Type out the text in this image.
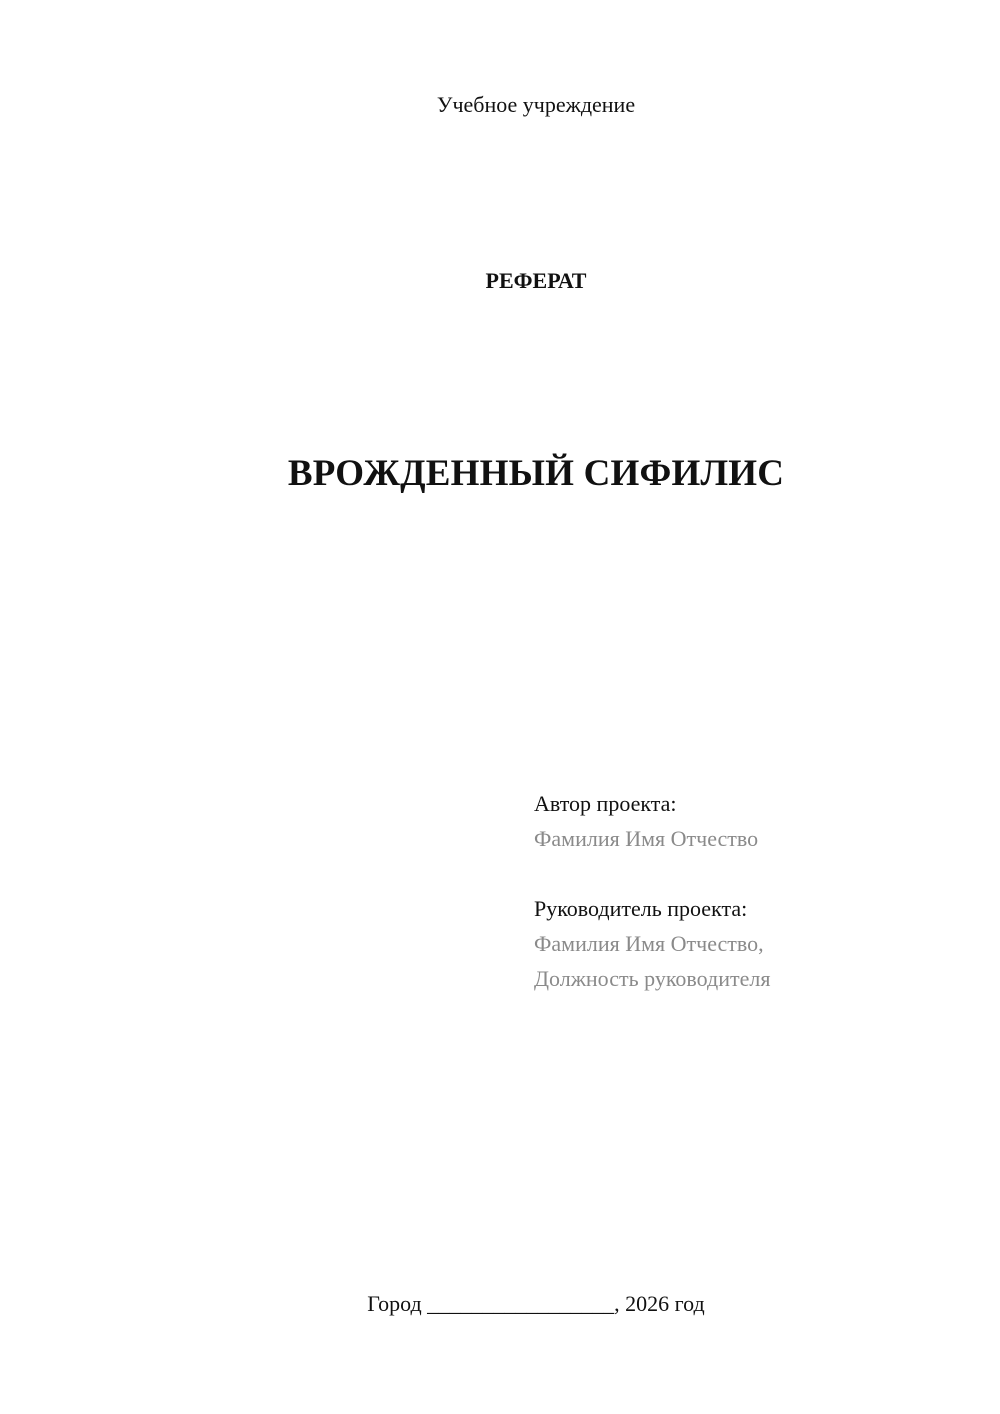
Учебное учреждение
РЕФЕРАТ
ВРОЖДЕННЫЙ СИФИЛИС
Автор проекта:
Фамилия Имя Отчество
Руководитель проекта:
Фамилия Имя Отчество,
Должность руководителя
Город _________________, 2026 год
